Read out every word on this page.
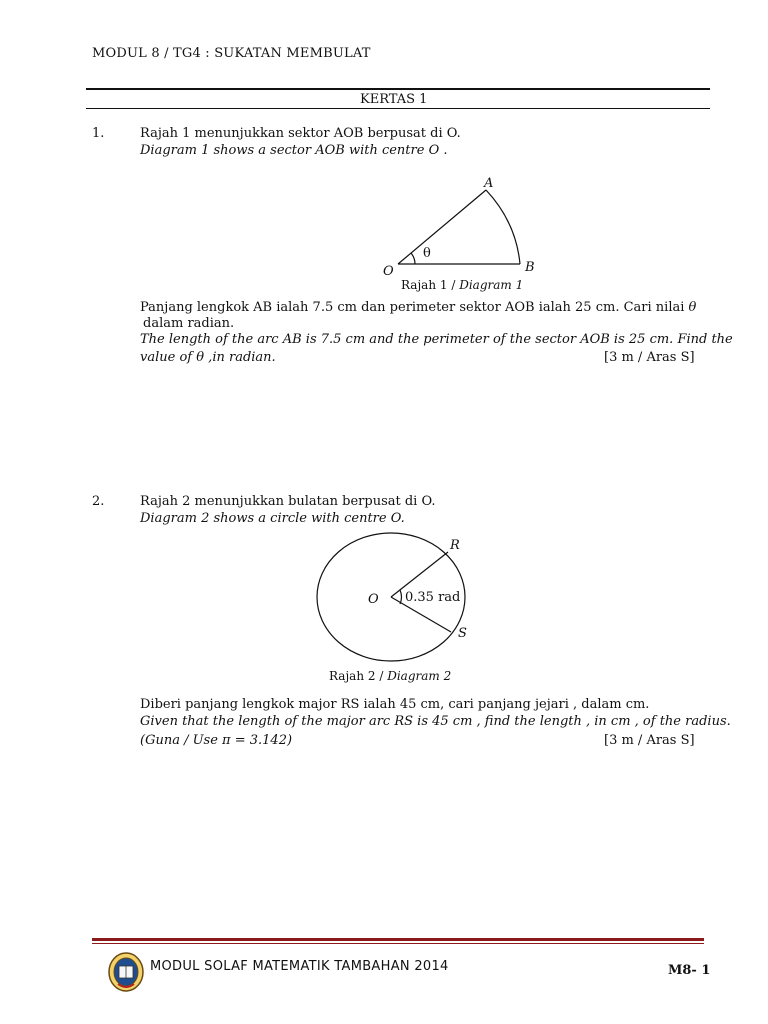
MODUL 8 / TG4 : SUKATAN MEMBULAT
KERTAS 1
1.	Rajah 1 menunjukkan sektor AOB berpusat di O.
Diagram 1 shows a sector AOB with centre O .
A
B
O
θ
Rajah 1 / Diagram 1
Panjang lengkok AB ialah 7.5 cm dan perimeter sektor AOB ialah 25 cm. Cari nilai θ
dalam radian.
The length of the arc AB is 7.5 cm and the perimeter of the sector AOB is 25 cm. Find the
value of θ ,in radian.	[3 m / Aras S]
2.	Rajah 2 menunjukkan bulatan berpusat di O.
Diagram 2 shows a circle with centre O.
R
S
O 0.35 rad
Rajah 2 / Diagram 2
Diberi panjang lengkok major RS ialah 45 cm, cari panjang jejari , dalam cm.
Given that the length of the major arc RS is 45 cm , find the length , in cm , of the radius.
(Guna / Use π = 3.142)	[3 m / Aras S]
MODUL SOLAF MATEMATIK TAMBAHAN 2014	M8- 1
